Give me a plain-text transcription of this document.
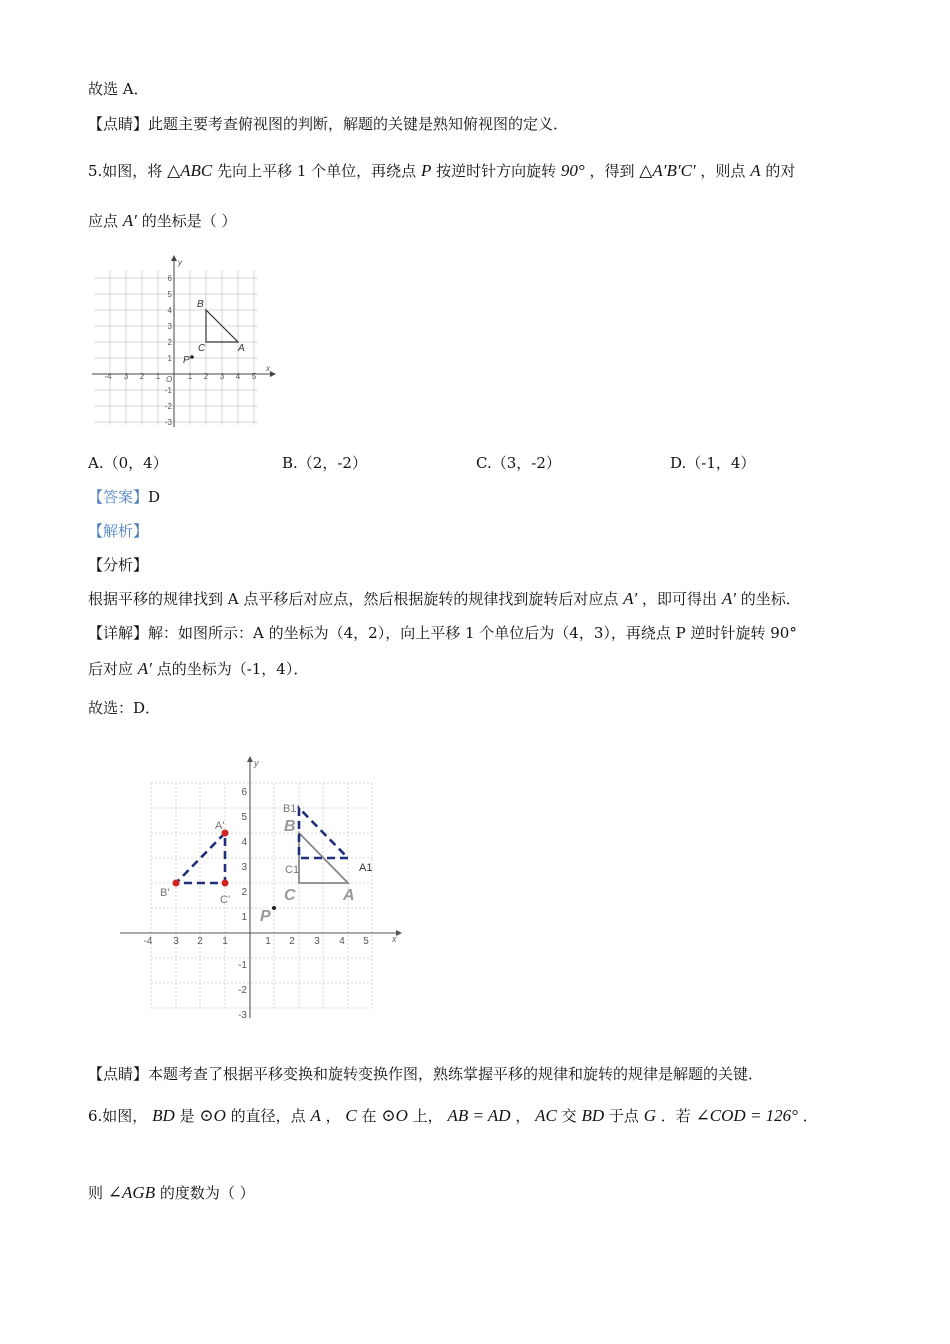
故选 A．
【点睛】此题主要考查俯视图的判断，解题的关键是熟知俯视图的定义．
5.如图，将 △ABC 先向上平移 1 个单位，再绕点 P 按逆时针方向旋转 90° ，得到 △A′B′C′ ，则点 A 的对
应点 A′ 的坐标是（ ）
y
x
O
-4 3 2 1	1 2 3 4 5
6
5
4
3
2
1
-1
-2
-3
B
C	A
P
A.（0，4）	B.（2，-2）	C.（3，-2）	D.（-1，4）
【答案】D
【解析】
【分析】
根据平移的规律找到 A 点平移后对应点，然后根据旋转的规律找到旋转后对应点 A′ ，即可得出 A′ 的坐标．
【详解】解：如图所示：A 的坐标为（4，2），向上平移 1 个单位后为（4，3），再绕点 P 逆时针旋转 90°
后对应 A′ 点的坐标为（-1，4）．
故选：D．
y
x
-4 3 2 1	1 2 3 4 5
6
5
4
3
2
1
-1
-2
-3
A'
B'
C'
B1
C1	A1
B
C	A
P
【点睛】本题考查了根据平移变换和旋转变换作图，熟练掌握平移的规律和旋转的规律是解题的关键．
6.如图， BD 是 ⊙O 的直径，点 A ， C 在 ⊙O 上， AB = AD ， AC 交 BD 于点 G ．若 ∠COD = 126° ．
则 ∠AGB 的度数为（ ）
